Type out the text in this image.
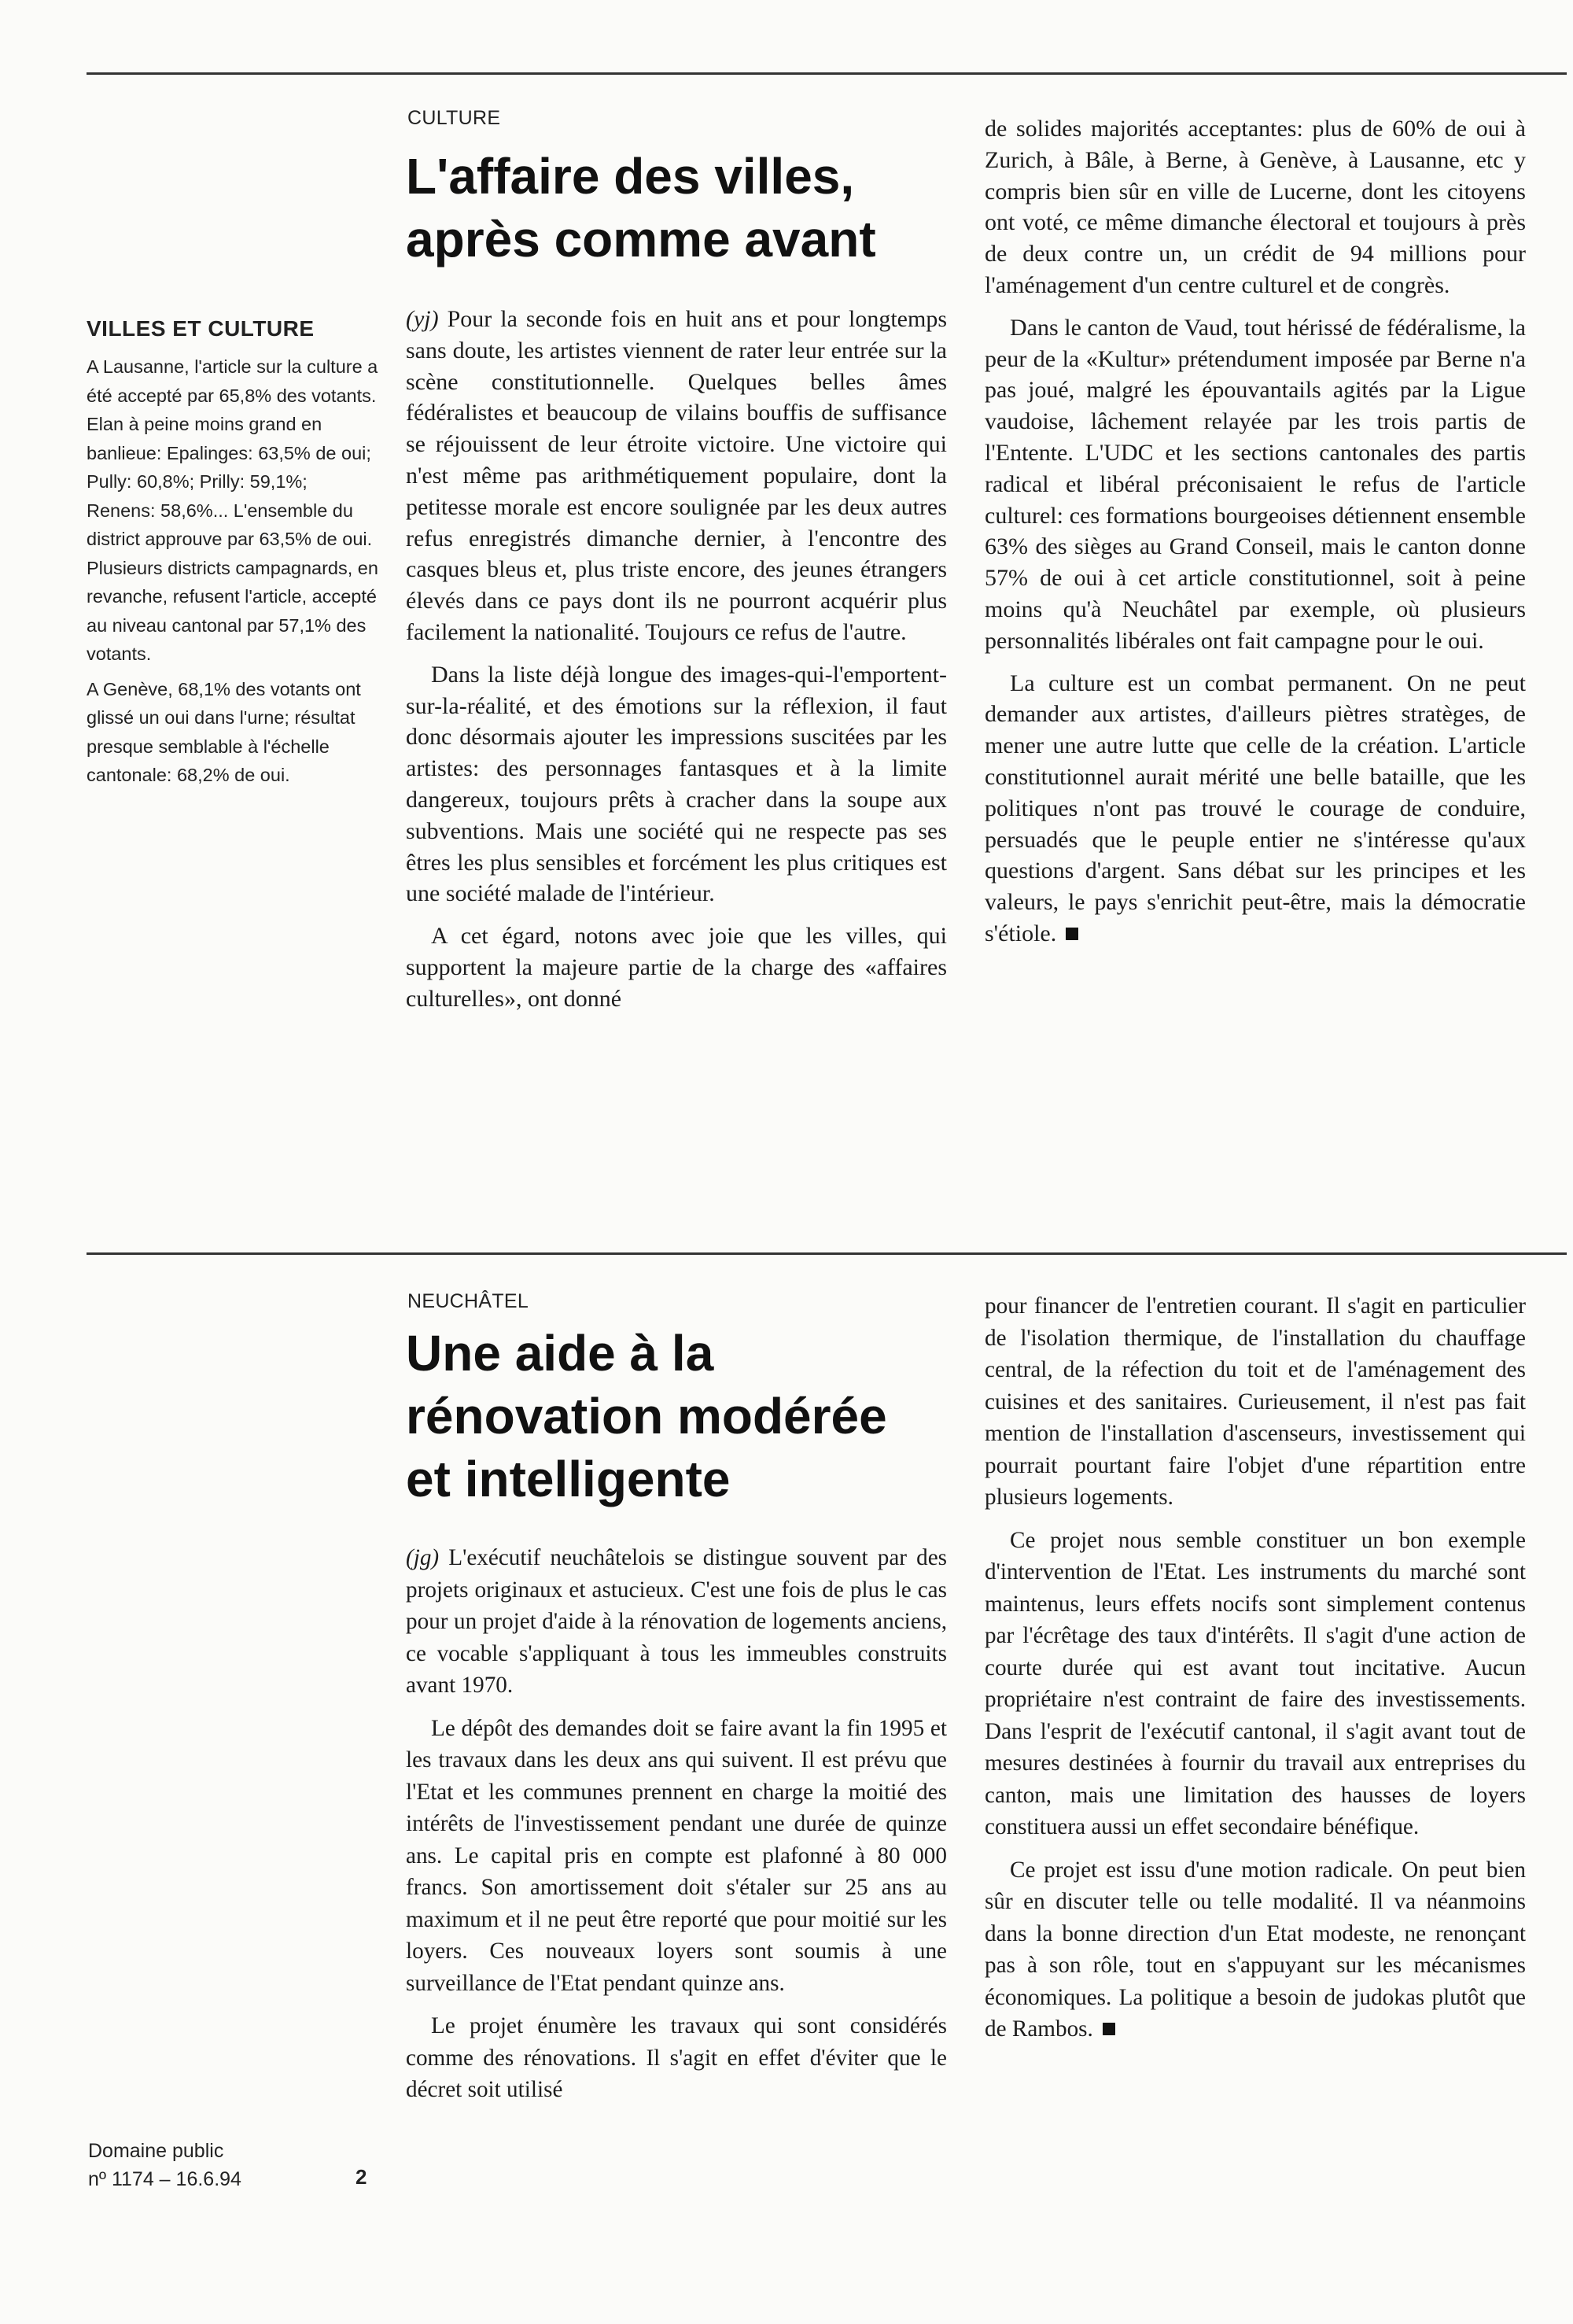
VILLES ET CULTURE

A Lausanne, l'article sur la culture a été accepté par 65,8% des votants. Elan à peine moins grand en banlieue: Epalinges: 63,5% de oui; Pully: 60,8%; Prilly: 59,1%; Renens: 58,6%... L'ensemble du district approuve par 63,5% de oui. Plusieurs districts campagnards, en revanche, refusent l'article, accepté au niveau cantonal par 57,1% des votants.

A Genève, 68,1% des votants ont glissé un oui dans l'urne; résultat presque semblable à l'échelle cantonale: 68,2% de oui.

CULTURE
L'affaire des villes,
après comme avant

(yj) Pour la seconde fois en huit ans et pour longtemps sans doute, les artistes viennent de rater leur entrée sur la scène constitutionnelle. Quelques belles âmes fédéralistes et beaucoup de vilains bouffis de suffisance se réjouissent de leur étroite victoire. Une victoire qui n'est même pas arithmétiquement populaire, dont la petitesse morale est encore soulignée par les deux autres refus enregistrés dimanche dernier, à l'encontre des casques bleus et, plus triste encore, des jeunes étrangers élevés dans ce pays dont ils ne pourront acquérir plus facilement la nationalité. Toujours ce refus de l'autre.

Dans la liste déjà longue des images-qui-l'emportent-sur-la-réalité, et des émotions sur la réflexion, il faut donc désormais ajouter les impressions suscitées par les artistes: des personnages fantasques et à la limite dangereux, toujours prêts à cracher dans la soupe aux subventions. Mais une société qui ne respecte pas ses êtres les plus sensibles et forcément les plus critiques est une société malade de l'intérieur.

A cet égard, notons avec joie que les villes, qui supportent la majeure partie de la charge des «affaires culturelles», ont donné

de solides majorités acceptantes: plus de 60% de oui à Zurich, à Bâle, à Berne, à Genève, à Lausanne, etc y compris bien sûr en ville de Lucerne, dont les citoyens ont voté, ce même dimanche électoral et toujours à près de deux contre un, un crédit de 94 millions pour l'aménagement d'un centre culturel et de congrès.

Dans le canton de Vaud, tout hérissé de fédéralisme, la peur de la «Kultur» prétendument imposée par Berne n'a pas joué, malgré les épouvantails agités par la Ligue vaudoise, lâchement relayée par les trois partis de l'Entente. L'UDC et les sections cantonales des partis radical et libéral préconisaient le refus de l'article culturel: ces formations bourgeoises détiennent ensemble 63% des sièges au Grand Conseil, mais le canton donne 57% de oui à cet article constitutionnel, soit à peine moins qu'à Neuchâtel par exemple, où plusieurs personnalités libérales ont fait campagne pour le oui.

La culture est un combat permanent. On ne peut demander aux artistes, d'ailleurs piètres stratèges, de mener une autre lutte que celle de la création. L'article constitutionnel aurait mérité une belle bataille, que les politiques n'ont pas trouvé le courage de conduire, persuadés que le peuple entier ne s'intéresse qu'aux questions d'argent. Sans débat sur les principes et les valeurs, le pays s'enrichit peut-être, mais la démocratie s'étiole.

NEUCHÂTEL
Une aide à la
rénovation modérée
et intelligente

(jg) L'exécutif neuchâtelois se distingue souvent par des projets originaux et astucieux. C'est une fois de plus le cas pour un projet d'aide à la rénovation de logements anciens, ce vocable s'appliquant à tous les immeubles construits avant 1970.

Le dépôt des demandes doit se faire avant la fin 1995 et les travaux dans les deux ans qui suivent. Il est prévu que l'Etat et les communes prennent en charge la moitié des intérêts de l'investissement pendant une durée de quinze ans. Le capital pris en compte est plafonné à 80 000 francs. Son amortissement doit s'étaler sur 25 ans au maximum et il ne peut être reporté que pour moitié sur les loyers. Ces nouveaux loyers sont soumis à une surveillance de l'Etat pendant quinze ans.

Le projet énumère les travaux qui sont considérés comme des rénovations. Il s'agit en effet d'éviter que le décret soit utilisé

pour financer de l'entretien courant. Il s'agit en particulier de l'isolation thermique, de l'installation du chauffage central, de la réfection du toit et de l'aménagement des cuisines et des sanitaires. Curieusement, il n'est pas fait mention de l'installation d'ascenseurs, investissement qui pourrait pourtant faire l'objet d'une répartition entre plusieurs logements.

Ce projet nous semble constituer un bon exemple d'intervention de l'Etat. Les instruments du marché sont maintenus, leurs effets nocifs sont simplement contenus par l'écrêtage des taux d'intérêts. Il s'agit d'une action de courte durée qui est avant tout incitative. Aucun propriétaire n'est contraint de faire des investissements. Dans l'esprit de l'exécutif cantonal, il s'agit avant tout de mesures destinées à fournir du travail aux entreprises du canton, mais une limitation des hausses de loyers constituera aussi un effet secondaire bénéfique.

Ce projet est issu d'une motion radicale. On peut bien sûr en discuter telle ou telle modalité. Il va néanmoins dans la bonne direction d'un Etat modeste, ne renonçant pas à son rôle, tout en s'appuyant sur les mécanismes économiques. La politique a besoin de judokas plutôt que de Rambos.

Domaine public
nº 1174 – 16.6.94	2
